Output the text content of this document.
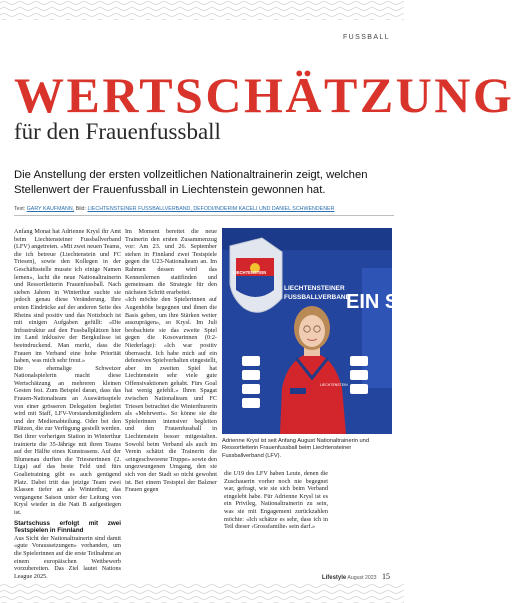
FUSSBALL
WERTSCHÄTZUNG
für den Frauenfussball

Die Anstellung der ersten vollzeitlichen Nationaltrainerin zeigt, welchen Stellenwert der Frauenfussball in Liechtenstein gewonnen hat.

Text: GARY KAUFMANN, Bild: LIECHTENSTEINER FUSSBALLVERBAND, DEFODI/INDERIM KACELI UND DANIEL SCHWENDENER

Anfang Monat hat Adrienne Krysl ihr Amt beim Liechtensteiner Fussballverband (LFV) angetreten. «Mit zwei neuen Teams, die ich betreue (Liechtenstein und FC Triesen), sowie den Kollegen in der Geschäftsstelle musste ich einige Namen lernen», lacht die neue Nationaltrainerin und Ressortleiterin Frauenfussball. Nach sieben Jahren in Winterthur suchte sie jedoch genau diese Veränderung. Ihre ersten Eindrücke auf der anderen Seite des Rheins sind positiv und das Notizbuch ist mit einigen Aufgaben gefüllt: «Die Infrastruktur auf den Fussballplätzen hier im Land inklusive der Bergkulisse ist beeindruckend. Man merkt, dass die Frauen im Verband eine hohe Priorität haben, was mich sehr freut.»

Die ehemalige Schweizer Nationalspielerin macht diese Wertschätzung an mehreren kleinen Gesten fest. Zum Beispiel daran, dass das Frauen-Nationalteam an Auswärtsspiele von einer grösseren Delegation begleitet wird mit Staff, LFV-Vorstandsmitgliedern und der Medienabteilung. Oder bei den Plätzen, die zur Verfügung gestellt werden. Bei ihrer vorherigen Station in Winterthur trainierte die 35-Jährige mit ihren Teams auf der Hälfte eines Kunstrasens. Auf der Blumenau durften die Triesnerinnen (2. Liga) auf das beste Feld und fürs Goalietraining gibt es auch genügend Platz. Dabei tritt das jetzige Team zwei Klassen tiefer an als Winterthur, das vergangene Saison unter der Leitung von Krysl wieder in die Nati B aufgestiegen ist.

Startschuss erfolgt mit zwei Testspielen in Finnland

Aus Sicht der Nationaltrainerin sind damit «gute Voraussetzungen» vorhanden, um die Spielerinnen auf die erste Teilnahme an einem europäischen Wettbewerb vorzubereiten. Das Ziel lautet Nations League 2025.

Im Moment bereitet die neue Trainerin den ersten Zusammenzug vor: Am 23. und 26. September stehen in Finnland zwei Testspiele gegen die U23-Nationalteam an. Im Rahmen dessen wird das Kennenlernen stattfinden und gemeinsam die Strategie für den nächsten Schritt erarbeitet.

«Ich möchte den Spielerinnen auf Augenhöhe begegnen und ihnen die Basis geben, um ihre Stärken weiter auszuprägen», so Krysl. Im Juli beobachtete sie das zweite Spiel gegen die Kosovarinnen (0:2-Niederlage): «Ich war positiv überrascht. Ich habe mich auf ein defensives Spielverhalten eingestellt, aber im zweiten Spiel hat Liechtenstein sehr viele gute Offensivaktionen gehabt. Fürs Goal hat wenig gefehlt.» Ihren Spagat zwischen Nationalteam und FC Triesen betrachtet die Winterthurerin als «Mehrwert». So könne sie die Spielerinnen intensiver begleiten und den Frauenfussball in Liechtenstein besser mitgestalten. Sowohl beim Verband als auch im Verein schätzt die Trainerin die «eingeschworene Truppe» sowie den ungezwungenen Umgang, den sie sich von der Stadt so nicht gewohnt ist. Bei einem Testspiel der Balzner Frauen gegen

LIECHTENSTEIN
LIECHTENSTEINER
FUSSBALLVERBAND
EIN S
LIECHTENSTEIN
Adrienne Krysl ist seit Anfang August Nationaltrainerin und Ressortleiterin Frauenfussball beim Liechtensteiner Fussballverband (LFV).

die U19 des LFV haben Leute, denen die Zuschauerin vorher noch nie begegnet war, gefragt, wie sie sich beim Verband eingelebt habe. Für Adrienne Krysl ist es ein Privileg, Nationaltrainerin zu sein, was sie mit Engagement zurückzahlen möchte: «Ich schätze es sehr, dass ich in Teil dieser ‹Grossfamilie› sein darf.»

Lifestyle August 2023 15
